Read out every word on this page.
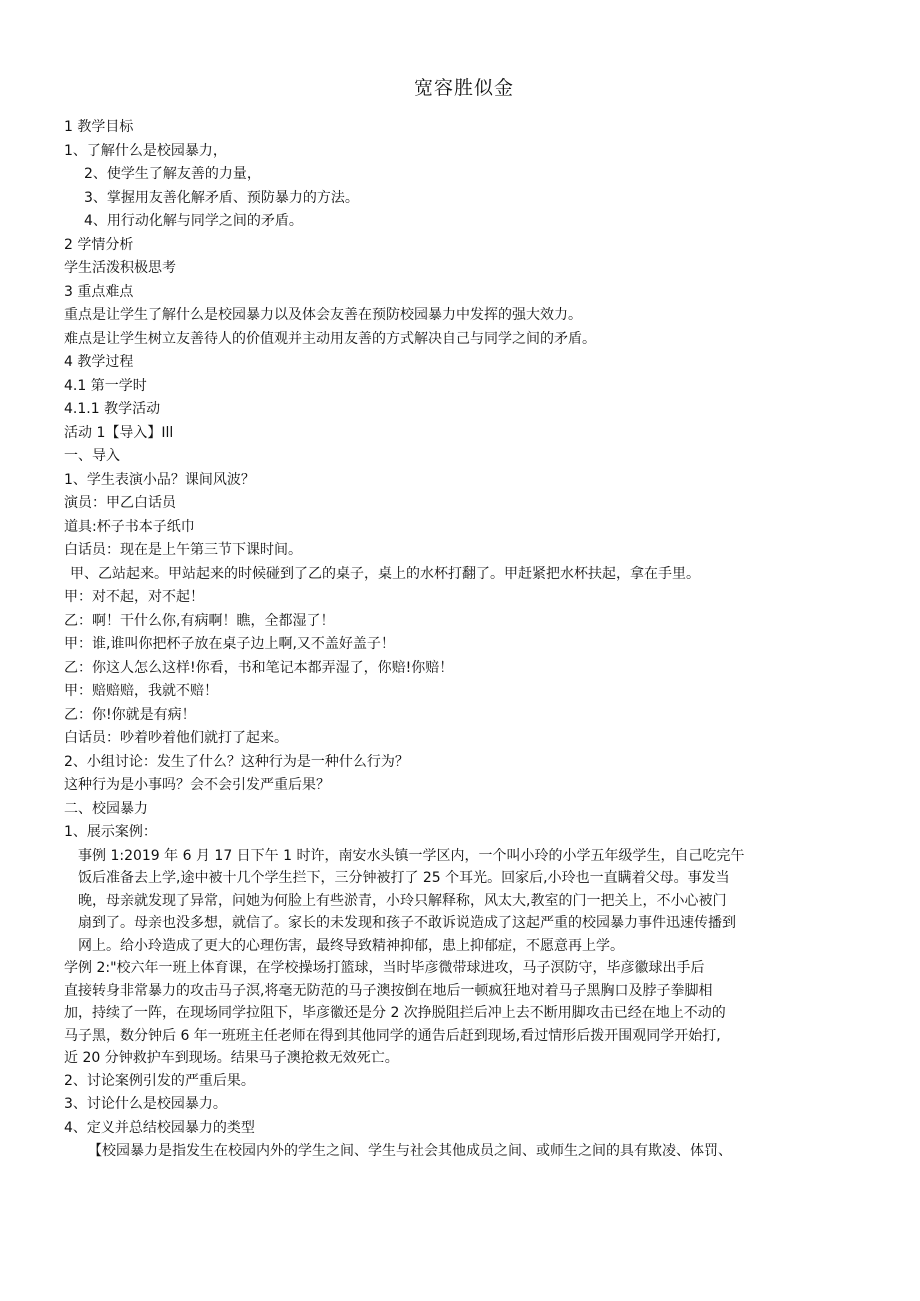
宽容胜似金
1 教学目标
1、了解什么是校园暴力，
2、使学生了解友善的力量，
3、掌握用友善化解矛盾、预防暴力的方法。
4、用行动化解与同学之间的矛盾。
2 学情分析
学生活泼积极思考
3 重点难点
重点是让学生了解什么是校园暴力以及体会友善在预防校园暴力中发挥的强大效力。
难点是让学生树立友善待人的价值观并主动用友善的方式解决自己与同学之间的矛盾。
4 教学过程
4.1 第一学时
4.1.1 教学活动
活动 1【导入】Ill
一、导入
1、学生表演小品？课间风波？
演员：甲乙白话员
道具:杯子书本子纸巾
白话员：现在是上午第三节下课时间。
甲、乙站起来。甲站起来的时候碰到了乙的桌子，桌上的水杯打翻了。甲赶紧把水杯扶起，拿在手里。
甲：对不起，对不起！
乙：啊！干什么你,有病啊！瞧，全都湿了！
甲：谁,谁叫你把杯子放在桌子边上啊,又不盖好盖子！
乙：你这人怎么这样!你看，书和笔记本都弄湿了，你赔!你赔！
甲：赔赔赔，我就不赔！
乙：你!你就是有病！
白话员：吵着吵着他们就打了起来。
2、小组讨论：发生了什么？这种行为是一种什么行为？
这种行为是小事吗？会不会引发严重后果？
二、校园暴力
1、展示案例：
事例 1:2019 年 6 月 17 日下午 1 时许，南安水头镇一学区内，一个叫小玲的小学五年级学生，自己吃完午
饭后准备去上学,途中被十几个学生拦下，三分钟被打了 25 个耳光。回家后,小玲也一直瞒着父母。事发当
晚，母亲就发现了异常，问她为何脸上有些淤青，小玲只解释称，风太大,教室的门一把关上，不小心被门
扇到了。母亲也没多想，就信了。家长的未发现和孩子不敢诉说造成了这起严重的校园暴力事件迅速传播到
网上。给小玲造成了更大的心理伤害，最终导致精神抑郁，患上抑郁症，不愿意再上学。
学例 2:"校六年一班上体育课，在学校操场打篮球，当时毕彦微带球进攻，马子溟防守，毕彦徽球出手后
直接转身非常暴力的攻击马子溟,将毫无防范的马子澳按倒在地后一顿疯狂地对着马子黑胸口及脖子拳脚相
加，持续了一阵，在现场同学拉阻下，毕彦徽还是分 2 次挣脱阻拦后冲上去不断用脚攻击已经在地上不动的
马子黑，数分钟后 6 年一班班主任老师在得到其他同学的通告后赶到现场,看过情形后拨开围观同学开始打,
近 20 分钟救护车到现场。结果马子澳抢救无效死亡。
2、讨论案例引发的严重后果。
3、讨论什么是校园暴力。
4、定义并总结校园暴力的类型
【校园暴力是指发生在校园内外的学生之间、学生与社会其他成员之间、或师生之间的具有欺凌、体罚、
